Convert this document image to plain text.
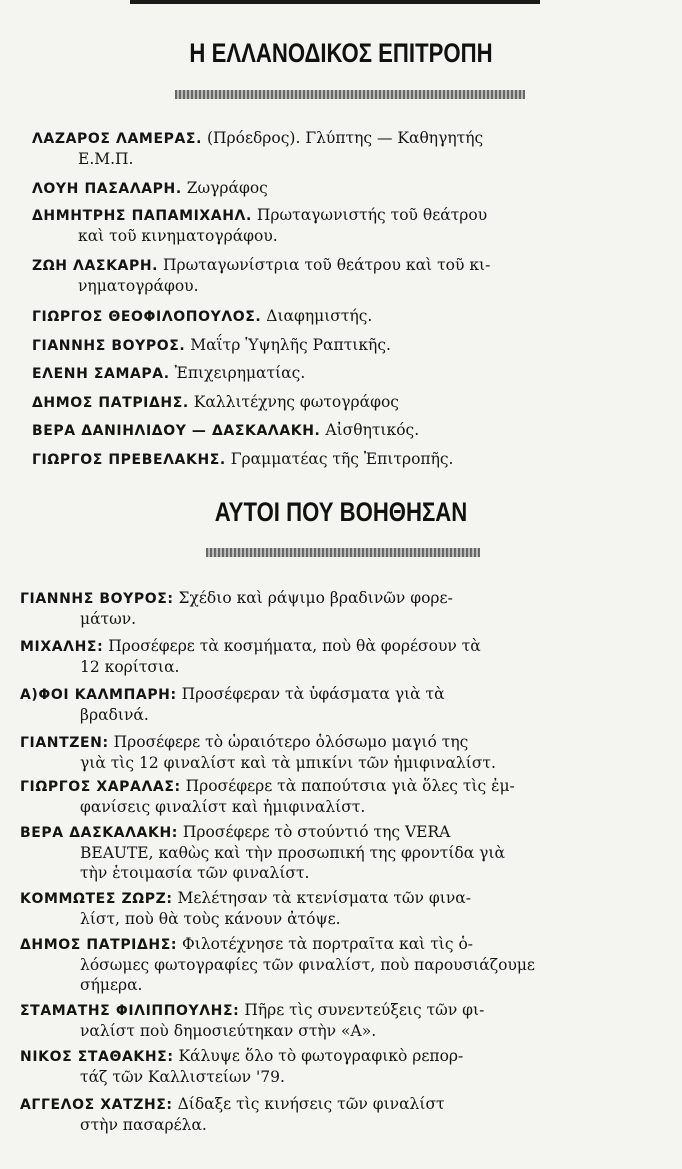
Η ΕΛΛΑΝΟΔΙΚΟΣ ΕΠΙΤΡΟΠΗ
ΛΑΖΑΡΟΣ ΛΑΜΕΡΑΣ. (Πρόεδρος). Γλύπτης — Καθηγητής
Ε.Μ.Π.
ΛΟΥΗ ΠΑΣΑΛΑΡΗ. Ζωγράφος
ΔΗΜΗΤΡΗΣ ΠΑΠΑΜΙΧΑΗΛ. Πρωταγωνιστής τοῦ θεάτρου
καὶ τοῦ κινηματογράφου.
ΖΩΗ ΛΑΣΚΑΡΗ. Πρωταγωνίστρια τοῦ θεάτρου καὶ τοῦ κι-
νηματογράφου.
ΓΙΩΡΓΟΣ ΘΕΟΦΙΛΟΠΟΥΛΟΣ. Διαφημιστής.
ΓΙΑΝΝΗΣ ΒΟΥΡΟΣ. Μαΐτρ Ὑψηλῆς Ραπτικῆς.
ΕΛΕΝΗ ΣΑΜΑΡΑ. Ἐπιχειρηματίας.
ΔΗΜΟΣ ΠΑΤΡΙΔΗΣ. Καλλιτέχνης φωτογράφος
ΒΕΡΑ ΔΑΝΙΗΛΙΔΟΥ — ΔΑΣΚΑΛΑΚΗ. Αἰσθητικός.
ΓΙΩΡΓΟΣ ΠΡΕΒΕΛΑΚΗΣ. Γραμματέας τῆς Ἐπιτροπῆς.
ΑΥΤΟΙ ΠΟΥ ΒΟΗΘΗΣΑΝ
ΓΙΑΝΝΗΣ ΒΟΥΡΟΣ: Σχέδιο καὶ ράψιμο βραδινῶν φορε-
μάτων.
ΜΙΧΑΛΗΣ: Προσέφερε τὰ κοσμήματα, ποὺ θὰ φορέσουν τὰ
12 κορίτσια.
Α)ΦΟΙ ΚΑΛΜΠΑΡΗ: Προσέφεραν τὰ ὑφάσματα γιὰ τὰ
βραδινά.
ΓΙΑΝΤΖΕΝ: Προσέφερε τὸ ὡραιότερο ὁλόσωμο μαγιό της
γιὰ τὶς 12 φιναλίστ καὶ τὰ μπικίνι τῶν ἡμιφιναλίστ.
ΓΙΩΡΓΟΣ ΧΑΡΑΛΑΣ: Προσέφερε τὰ παπούτσια γιὰ ὅλες τὶς ἐμ-
φανίσεις φιναλίστ καὶ ἡμιφιναλίστ.
ΒΕΡΑ ΔΑΣΚΑΛΑΚΗ: Προσέφερε τὸ στούντιό της VERA
BEAUTE, καθὼς καὶ τὴν προσωπική της φροντίδα γιὰ
τὴν ἑτοιμασία τῶν φιναλίστ.
ΚΟΜΜΩΤΕΣ ΖΩΡΖ: Μελέτησαν τὰ κτενίσματα τῶν φινα-
λίστ, ποὺ θὰ τοὺς κάνουν ἀτόψε.
ΔΗΜΟΣ ΠΑΤΡΙΔΗΣ: Φιλοτέχνησε τὰ πορτραῖτα καὶ τὶς ὁ-
λόσωμες φωτογραφίες τῶν φιναλίστ, ποὺ παρουσιάζουμε
σήμερα.
ΣΤΑΜΑΤΗΣ ΦΙΛΙΠΠΟΥΛΗΣ: Πῆρε τὶς συνεντεύξεις τῶν φι-
ναλίστ ποὺ δημοσιεύτηκαν στὴν «Α».
ΝΙΚΟΣ ΣΤΑΘΑΚΗΣ: Κάλυψε ὅλο τὸ φωτογραφικὸ ρεπορ-
τάζ τῶν Καλλιστείων '79.
ΑΓΓΕΛΟΣ ΧΑΤΖΗΣ: Δίδαξε τὶς κινήσεις τῶν φιναλίστ
στὴν πασαρέλα.
